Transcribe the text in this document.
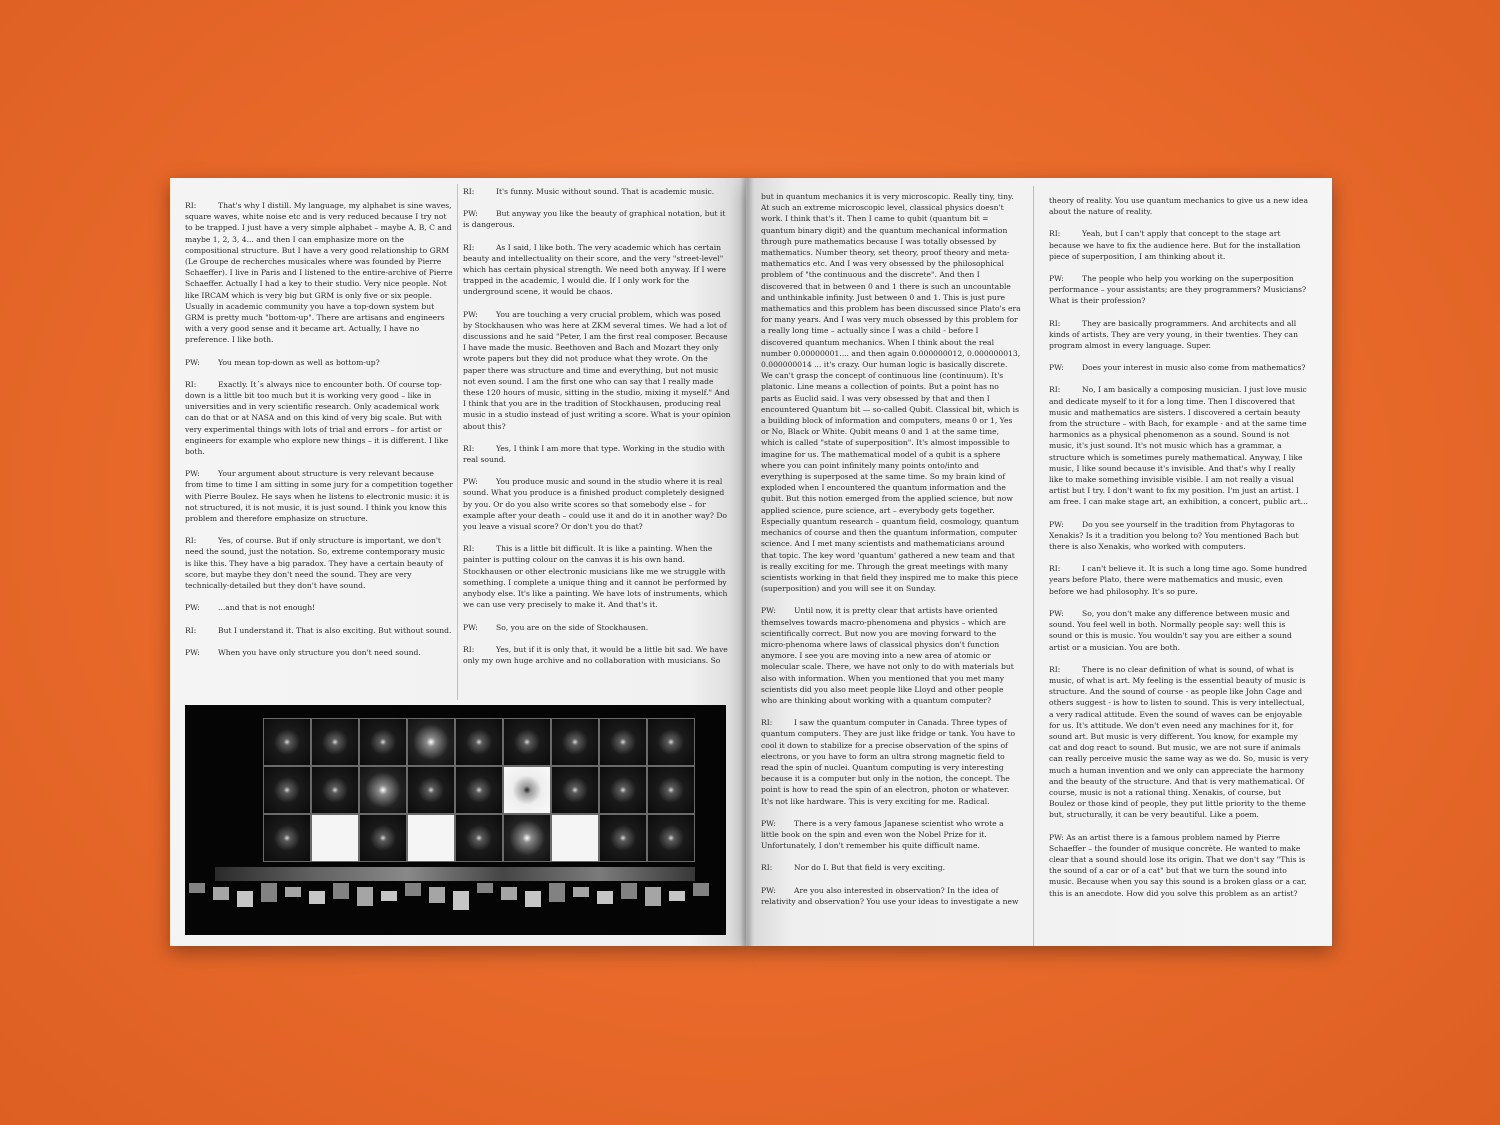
RI:	That's why I distill. My language, my alphabet is sine waves, square waves, white noise etc and is very reduced because I try not to be trapped. I just have a very simple alphabet – maybe A, B, C and maybe 1, 2, 3, 4... and then I can emphasize more on the compositional structure. But I have a very good relationship to GRM (Le Groupe de recherches musicales where was founded by Pierre Schaeffer). I live in Paris and I listened to the entire-archive of Pierre Schaeffer. Actually I had a key to their studio. Very nice people. Not like IRCAM which is very big but GRM is only five or six people. Usually in academic community you have a top-down system but GRM is pretty much "bottom-up". There are artisans and engineers with a very good sense and it became art. Actually, I have no preference. I like both.

PW: You mean top-down as well as bottom-up?

RI:	Exactly. It´s always nice to encounter both. Of course top-down is a little bit too much but it is working very good – like in universities and in very scientific research. Only academical work can do that or at NASA and on this kind of very big scale. But with very experimental things with lots of trial and errors – for artist or engineers for example who explore new things – it is different. I like both.

PW: Your argument about structure is very relevant because from time to time I am sitting in some jury for a competition together with Pierre Boulez. He says when he listens to electronic music: it is not structured, it is not music, it is just sound. I think you know this problem and therefore emphasize on structure.

RI:	Yes, of course. But if only structure is important, we don't need the sound, just the notation. So, extreme contemporary music is like this. They have a big paradox. They have a certain beauty of score, but maybe they don't need the sound. They are very technically-detailed but they don't have sound.

PW: ...and that is not enough!

RI:	But I understand it. That is also exciting. But without sound.

PW: When you have only structure you don't need sound.

RI:	It's funny. Music without sound. That is academic music.

PW: But anyway you like the beauty of graphical notation, but it is dangerous.

RI:	As I said, I like both. The very academic which has certain beauty and intellectuality on their score, and the very "street-level" which has certain physical strength. We need both anyway. If I were trapped in the academic, I would die. If I only work for the underground scene, it would be chaos.

PW: You are touching a very crucial problem, which was posed by Stockhausen who was here at ZKM several times. We had a lot of discussions and he said "Peter, I am the first real composer. Because I have made the music. Beethoven and Bach and Mozart they only wrote papers but they did not produce what they wrote. On the paper there was structure and time and everything, but not music not even sound. I am the first one who can say that I really made these 120 hours of music, sitting in the studio, mixing it myself." And I think that you are in the tradition of Stockhausen, producing real music in a studio instead of just writing a score. What is your opinion about this?

RI:	Yes, I think I am more that type. Working in the studio with real sound.

PW: You produce music and sound in the studio where it is real sound. What you produce is a finished product completely designed by you. Or do you also write scores so that somebody else – for example after your death – could use it and do it in another way? Do you leave a visual score? Or don't you do that?

RI:	This is a little bit difficult. It is like a painting. When the painter is putting colour on the canvas it is his own hand. Stockhausen or other electronic musicians like me we struggle with something. I complete a unique thing and it cannot be performed by anybody else. It's like a painting. We have lots of instruments, which we can use very precisely to make it. And that's it.

PW: So, you are on the side of Stockhausen.

RI:	Yes, but if it is only that, it would be a little bit sad. We have only my own huge archive and no collaboration with musicians. So

but in quantum mechanics it is very microscopic. Really tiny, tiny. At such an extreme microscopic level, classical physics doesn't work. I think that's it. Then I came to qubit (quantum bit = quantum binary digit) and the quantum mechanical information through pure mathematics because I was totally obsessed by mathematics. Number theory, set theory, proof theory and meta-mathematics etc. And I was very obsessed by the philosophical problem of "the continuous and the discrete". And then I discovered that in between 0 and 1 there is such an uncountable and unthinkable infinity. Just between 0 and 1. This is just pure mathematics and this problem has been discussed since Plato's era for many years. And I was very much obsessed by this problem for a really long time – actually since I was a child - before I discovered quantum mechanics. When I think about the real number 0.00000001.... and then again 0.000000012, 0.000000013, 0.000000014 ... it's crazy. Our human logic is basically discrete. We can't grasp the concept of continuous line (continuum). It's platonic. Line means a collection of points. But a point has no parts as Euclid said. I was very obsessed by that and then I encountered Quantum bit — so-called Qubit. Classical bit, which is a building block of information and computers, means 0 or 1, Yes or No, Black or White. Qubit means 0 and 1 at the same time, which is called "state of superposition". It's almost impossible to imagine for us. The mathematical model of a qubit is a sphere where you can point infinitely many points onto/into and everything is superposed at the same time. So my brain kind of exploded when I encountered the quantum information and the qubit. But this notion emerged from the applied science, but now applied science, pure science, art – everybody gets together. Especially quantum research – quantum field, cosmology, quantum mechanics of course and then the quantum information, computer science. And I met many scientists and mathematicians around that topic. The key word 'quantum' gathered a new team and that is really exciting for me. Through the great meetings with many scientists working in that field they inspired me to make this piece (superposition) and you will see it on Sunday.

PW: Until now, it is pretty clear that artists have oriented themselves towards macro-phenomena and physics – which are scientifically correct. But now you are moving forward to the micro-phenoma where laws of classical physics don't function anymore. I see you are moving into a new area of atomic or molecular scale. There, we have not only to do with materials but also with information. When you mentioned that you met many scientists did you also meet people like Lloyd and other people who are thinking about working with a quantum computer?

RI:	I saw the quantum computer in Canada. Three types of quantum computers. They are just like fridge or tank. You have to cool it down to stabilize for a precise observation of the spins of electrons, or you have to form an ultra strong magnetic field to read the spin of nuclei. Quantum computing is very interesting because it is a computer but only in the notion, the concept. The point is how to read the spin of an electron, photon or whatever. It's not like hardware. This is very exciting for me. Radical.

PW: There is a very famous Japanese scientist who wrote a little book on the spin and even won the Nobel Prize for it. Unfortunately, I don't remember his quite difficult name.

RI:	Nor do I. But that field is very exciting.

PW: Are you also interested in observation? In the idea of relativity and observation? You use your ideas to investigate a new

theory of reality. You use quantum mechanics to give us a new idea about the nature of reality.

RI:	Yeah, but I can't apply that concept to the stage art because we have to fix the audience here. But for the installation piece of superposition, I am thinking about it.

PW: The people who help you working on the superposition performance – your assistants; are they programmers? Musicians? What is their profession?

RI:	They are basically programmers. And architects and all kinds of artists. They are very young, in their twenties. They can program almost in every language. Super.

PW: Does your interest in music also come from mathematics?

RI:	No, I am basically a composing musician. I just love music and dedicate myself to it for a long time. Then I discovered that music and mathematics are sisters. I discovered a certain beauty from the structure – with Bach, for example - and at the same time harmonics as a physical phenomenon as a sound. Sound is not music, it's just sound. It's not music which has a grammar, a structure which is sometimes purely mathematical. Anyway, I like music, I like sound because it's invisible. And that's why I really like to make something invisible visible. I am not really a visual artist but I try. I don't want to fix my position. I'm just an artist. I am free. I can make stage art, an exhibition, a concert, public art...

PW: Do you see yourself in the tradition from Phytagoras to Xenakis? Is it a tradition you belong to? You mentioned Bach but there is also Xenakis, who worked with computers.

RI:	I can't believe it. It is such a long time ago. Some hundred years before Plato, there were mathematics and music, even before we had philosophy. It's so pure.

PW: So, you don't make any difference between music and sound. You feel well in both. Normally people say: well this is sound or this is music. You wouldn't say you are either a sound artist or a musician. You are both.

RI:	There is no clear definition of what is sound, of what is music, of what is art. My feeling is the essential beauty of music is structure. And the sound of course - as people like John Cage and others suggest - is how to listen to sound. This is very intellectual, a very radical attitude. Even the sound of waves can be enjoyable for us. It's attitude. We don't even need any machines for it, for sound art. But music is very different. You know, for example my cat and dog react to sound. But music, we are not sure if animals can really perceive music the same way as we do. So, music is very much a human invention and we only can appreciate the harmony and the beauty of the structure. And that is very mathematical. Of course, music is not a rational thing. Xenakis, of course, but Boulez or those kind of people, they put little priority to the theme but, structurally, it can be very beautiful. Like a poem.

PW: As an artist there is a famous problem named by Pierre Schaeffer – the founder of musique concrète. He wanted to make clear that a sound should lose its origin. That we don't say "This is the sound of a car or of a cat" but that we turn the sound into music. Because when you say this sound is a broken glass or a car, this is an anecdote. How did you solve this problem as an artist?
